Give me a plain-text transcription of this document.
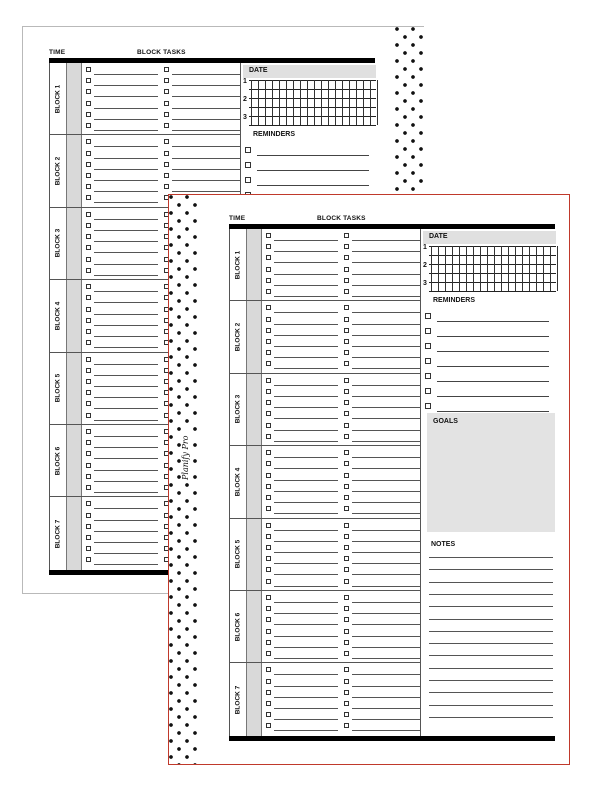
TIME	BLOCK TASKS
BLOCK 1
BLOCK 2
BLOCK 3
BLOCK 4
BLOCK 5
BLOCK 6
BLOCK 7
DATE
1
2
3
REMINDERS
Planify Pro
TIME	BLOCK TASKS
BLOCK 1
BLOCK 2
BLOCK 3
BLOCK 4
BLOCK 5
BLOCK 6
BLOCK 7
DATE
1
2
3
REMINDERS
GOALS
NOTES
